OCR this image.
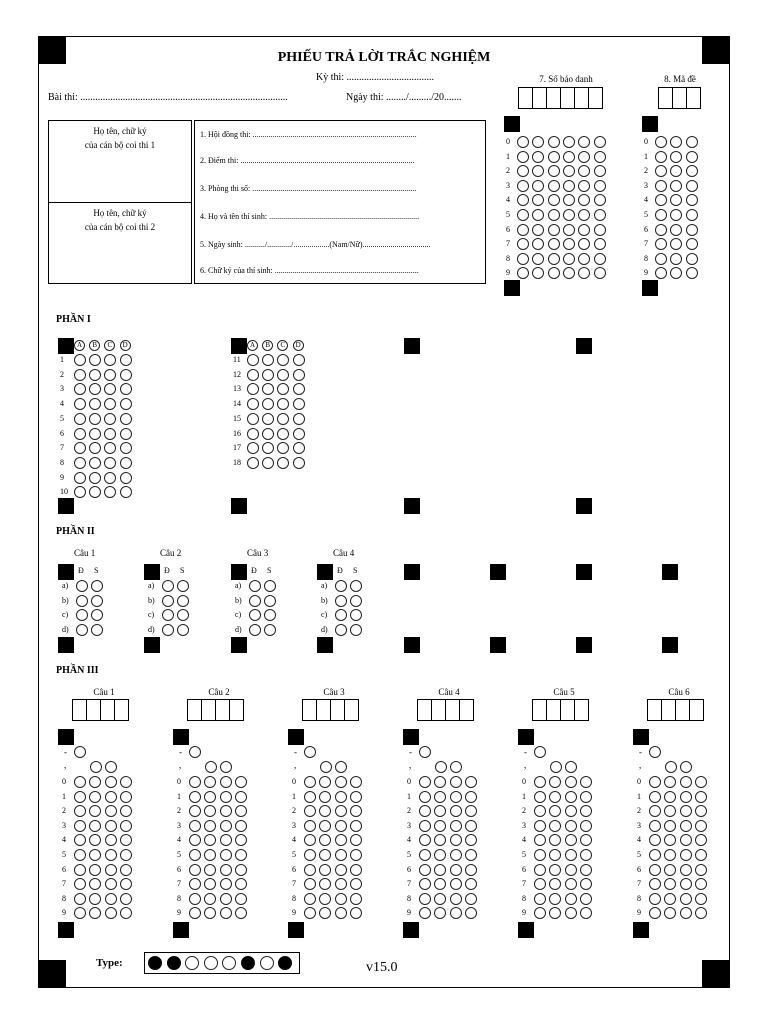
PHIẾU TRẢ LỜI TRẮC NGHIỆM
Kỳ thi: ...................................
Bài thi: ...................................................................................	Ngày thi: ......../........./20.......
7. Số báo danh	8. Mã đề
Họ tên, chữ ký
của cán bộ coi thi 1
Họ tên, chữ ký
của cán bộ coi thi 2
1. Hội đồng thi: ..................................................................................
2. Điểm thi: .......................................................................................
3. Phòng thi số: ..................................................................................
4. Họ và tên thí sinh: ...........................................................................
5. Ngày sinh: ........../............/..................(Nam/Nữ)..................................
6. Chữ ký của thí sinh: ........................................................................
0
1
2
3
4
5
6
7
8
9
0
1
2
3
4
5
6
7
8
9
PHẦN I
A	B	C	D
1
2
3
4
5
6
7
8
9
10
A	B	C	D
11
12
13
14
15
16
17
18
PHẦN II
Câu 1
Đ S
a)
b)
c)
d)
Câu 2
Đ S
a)
b)
c)
d)
Câu 3
Đ S
a)
b)
c)
d)
Câu 4
Đ S
a)
b)
c)
d)
PHẦN III
Câu 1
-
,
0
1
2
3
4
5
6
7
8
9
Câu 2
-
,
0
1
2
3
4
5
6
7
8
9
Câu 3
-
,
0
1
2
3
4
5
6
7
8
9
Câu 4
-
,
0
1
2
3
4
5
6
7
8
9
Câu 5
-
,
0
1
2
3
4
5
6
7
8
9
Câu 6
-
,
0
1
2
3
4
5
6
7
8
9
Type:	v15.0
